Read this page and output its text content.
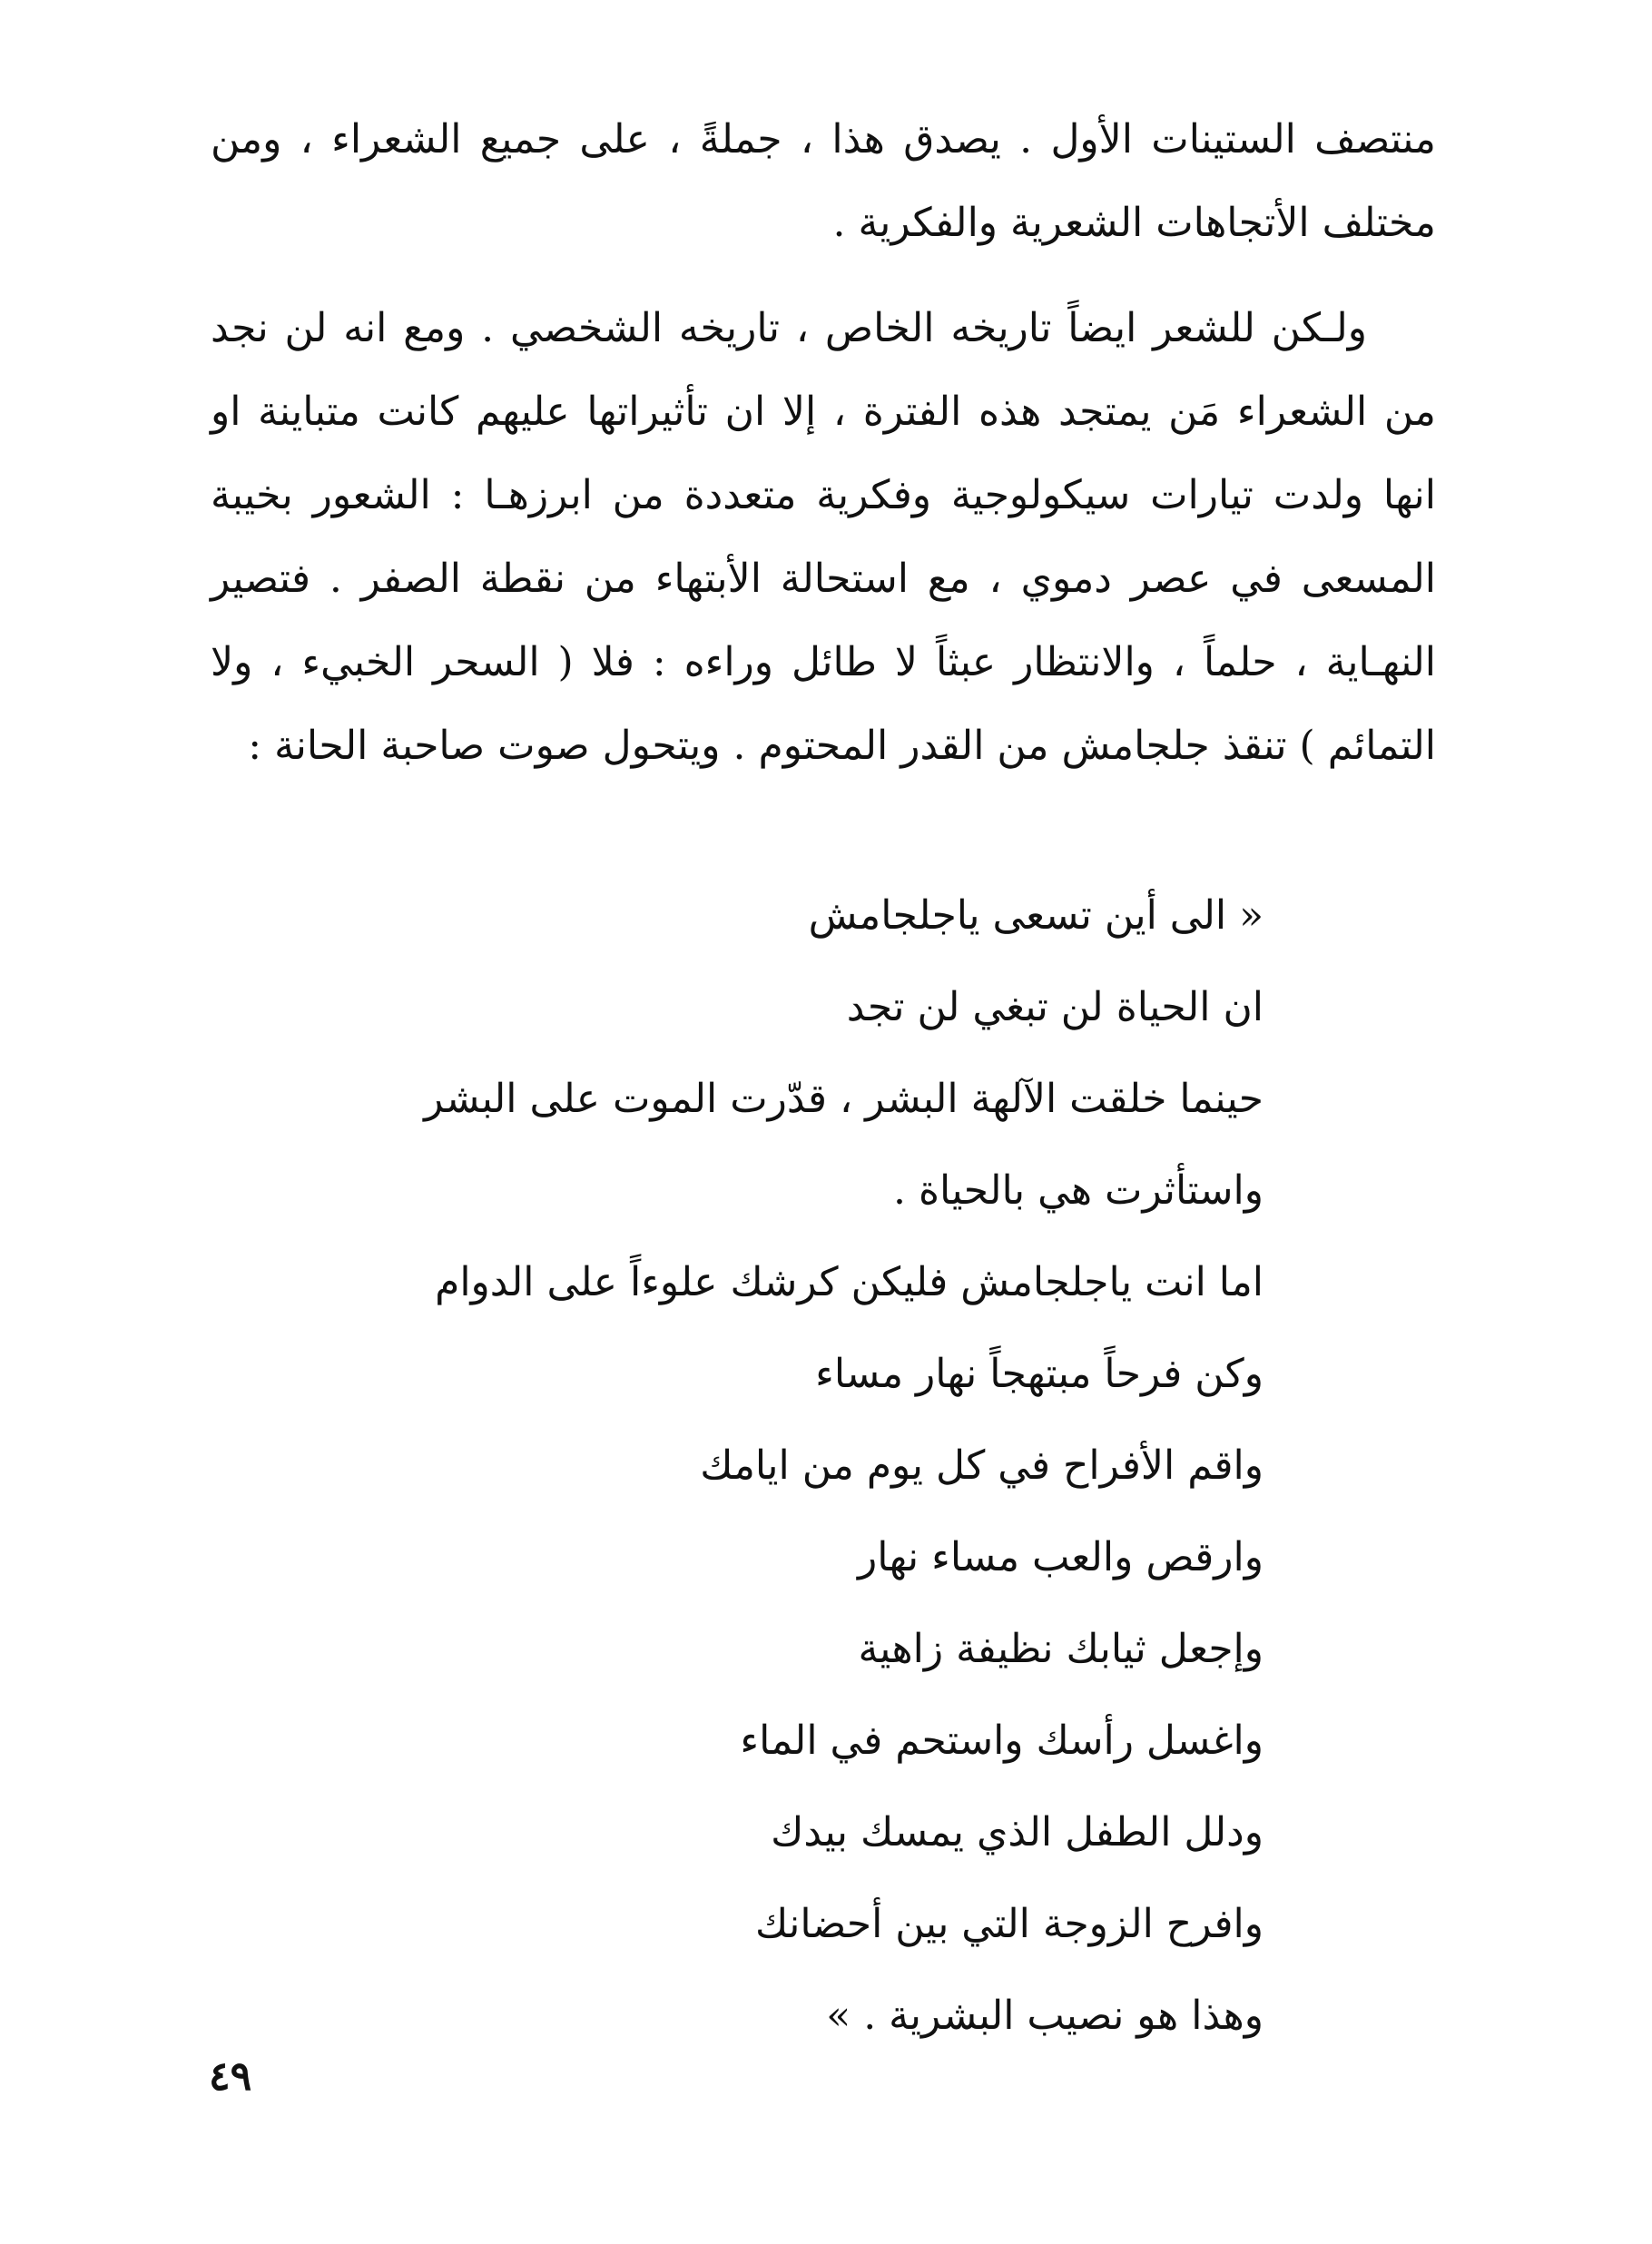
منتصف الستينات الأول . يصدق هذا ، جملةً ، على جميع الشعراء ، ومن مختلف الأتجاهات الشعرية والفكرية .

ولـكن للشعر ايضاً تاريخه الخاص ، تاريخه الشخصي . ومع انه لن نجد من الشعراء مَن يمتجد هذه الفترة ، إلا ان تأثيراتها عليهم كانت متباينة او انها ولدت تيارات سيكولوجية وفكرية متعددة من ابرزهـا : الشعور بخيبة المسعى في عصر دموي ، مع استحالة الأبتهاء من نقطة الصفر . فتصير النهـاية ، حلماً ، والانتظار عبثاً لا طائل وراءه : فلا ( السحر الخبيء ، ولا التمائم ) تنقذ جلجامش من القدر المحتوم . ويتحول صوت صاحبة الحانة :

« الى أين تسعى ياجلجامش
ان الحياة لن تبغي لن تجد
حينما خلقت الآلهة البشر ، قدّرت الموت على البشر
واستأثرت هي بالحياة .
اما انت ياجلجامش فليكن كرشك علوءاً على الدوام
وكن فرحاً مبتهجاً نهار مساء
واقم الأفراح في كل يوم من ايامك
وارقص والعب مساء نهار
وإجعل ثيابك نظيفة زاهية
واغسل رأسك واستحم في الماء
ودلل الطفل الذي يمسك بيدك
وافرح الزوجة التي بين أحضانك
وهذا هو نصيب البشرية . »
٤٩
